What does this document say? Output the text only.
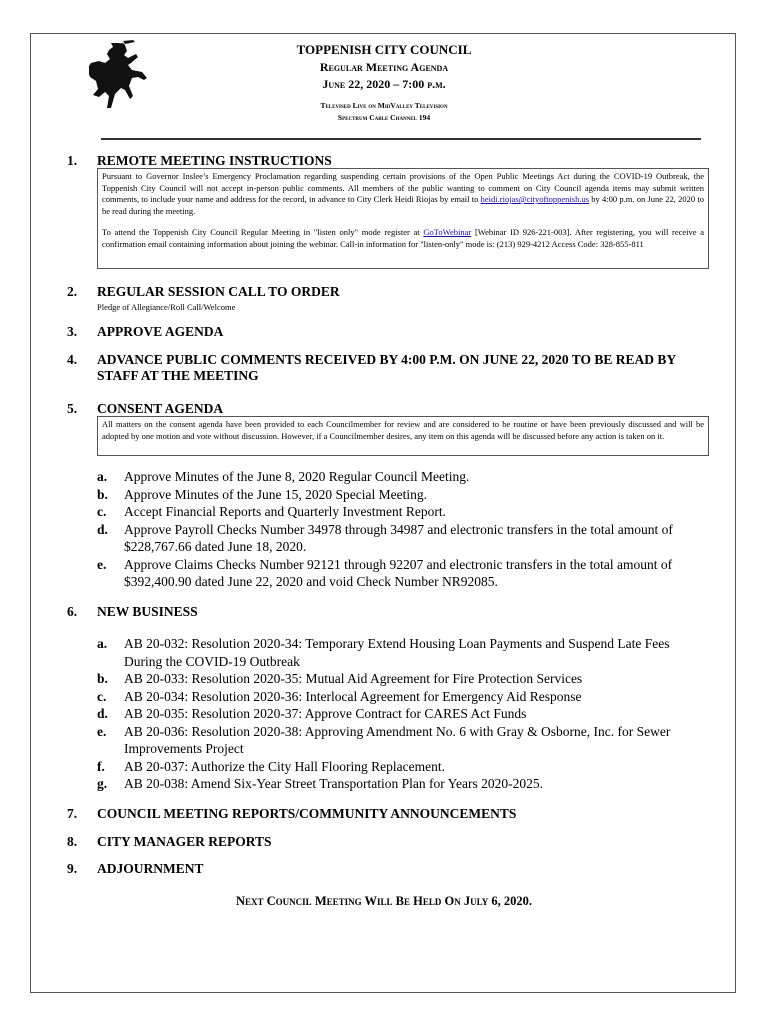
TOPPENISH CITY COUNCIL
Regular Meeting Agenda
June 22, 2020 – 7:00 p.m.
Televised Live on MidValley Television
Spectrum Cable Channel 194
1. REMOTE MEETING INSTRUCTIONS

Pursuant to Governor Inslee’s Emergency Proclamation regarding suspending certain provisions of the Open Public Meetings Act during the COVID-19 Outbreak, the Toppenish City Council will not accept in-person public comments. All members of the public wanting to comment on City Council agenda items may submit written comments, to include your name and address for the record, in advance to City Clerk Heidi Riojas by email to heidi.riojas@cityoftoppenish.us by 4:00 p.m. on June 22, 2020 to be read during the meeting.

To attend the Toppenish City Council Regular Meeting in "listen only" mode register at GoToWebinar [Webinar ID 926-221-003]. After registering, you will receive a confirmation email containing information about joining the webinar. Call-in information for "listen-only" mode is: (213) 929-4212 Access Code: 328-855-811

2. REGULAR SESSION CALL TO ORDER
Pledge of Allegiance/Roll Call/Welcome
3. APPROVE AGENDA
4. ADVANCE PUBLIC COMMENTS RECEIVED BY 4:00 P.M. ON JUNE 22, 2020 TO BE READ BY STAFF AT THE MEETING
5. CONSENT AGENDA
All matters on the consent agenda have been provided to each Councilmember for review and are considered to be routine or have been previously discussed and will be adopted by one motion and vote without discussion. However, if a Councilmember desires, any item on this agenda will be discussed before any action is taken on it.
a. Approve Minutes of the June 8, 2020 Regular Council Meeting.
b. Approve Minutes of the June 15, 2020 Special Meeting.
c. Accept Financial Reports and Quarterly Investment Report.
d. Approve Payroll Checks Number 34978 through 34987 and electronic transfers in the total amount of $228,767.66 dated June 18, 2020.
e. Approve Claims Checks Number 92121 through 92207 and electronic transfers in the total amount of $392,400.90 dated June 22, 2020 and void Check Number NR92085.
6. NEW BUSINESS
a. AB 20-032: Resolution 2020-34: Temporary Extend Housing Loan Payments and Suspend Late Fees During the COVID-19 Outbreak
b. AB 20-033: Resolution 2020-35: Mutual Aid Agreement for Fire Protection Services
c. AB 20-034: Resolution 2020-36: Interlocal Agreement for Emergency Aid Response
d. AB 20-035: Resolution 2020-37: Approve Contract for CARES Act Funds
e. AB 20-036: Resolution 2020-38: Approving Amendment No. 6 with Gray & Osborne, Inc. for Sewer Improvements Project
f. AB 20-037: Authorize the City Hall Flooring Replacement.
g. AB 20-038: Amend Six-Year Street Transportation Plan for Years 2020-2025.
7. COUNCIL MEETING REPORTS/COMMUNITY ANNOUNCEMENTS
8. CITY MANAGER REPORTS
9. ADJOURNMENT
Next Council Meeting Will Be Held On July 6, 2020.
